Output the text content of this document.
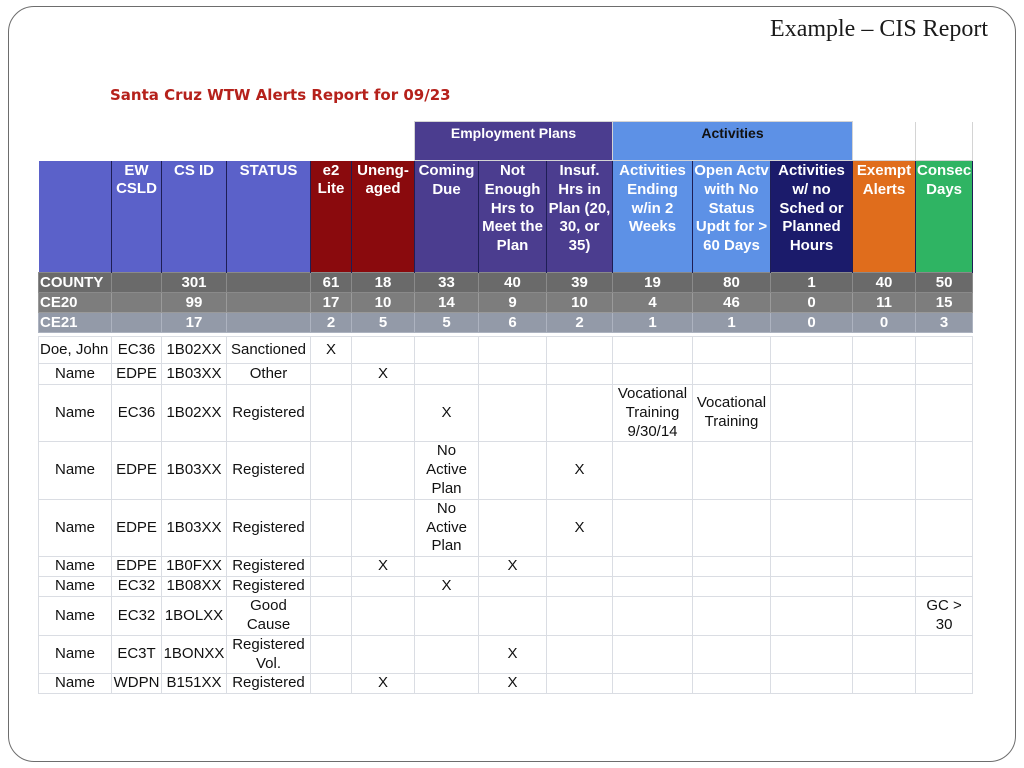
Example – CIS Report
Santa Cruz WTW Alerts Report for 09/23
						Employment Plans			Activities				
	EW CSLD	CS ID	STATUS	e2 Lite	Uneng-aged	Coming Due	Not Enough Hrs to Meet the Plan	Insuf. Hrs in Plan (20, 30, or 35)	Activities Ending w/in 2 Weeks	Open Actv with No Status Updt for > 60 Days	Activities w/ no Sched or Planned Hours	Exempt Alerts	Consec Days
COUNTY		301		61	18	33	40	39	19	80	1	40	50
CE20		99		17	10	14	9	10	4	46	0	11	15
CE21		17		2	5	5	6	2	1	1	0	0	3

Doe, John	EC36	1B02XX	Sanctioned	X									
Name	EDPE	1B03XX	Other		X								
Name	EC36	1B02XX	Registered			X			Vocational Training 9/30/14	Vocational Training			
Name	EDPE	1B03XX	Registered			No Active Plan		X					
Name	EDPE	1B03XX	Registered			No Active Plan		X					
Name	EDPE	1B0FXX	Registered		X		X						
Name	EC32	1B08XX	Registered			X							
Name	EC32	1BOLXX	Good Cause										GC > 30
Name	EC3T	1BONXX	Registered Vol.				X						
Name	WDPN	B151XX	Registered		X		X						
